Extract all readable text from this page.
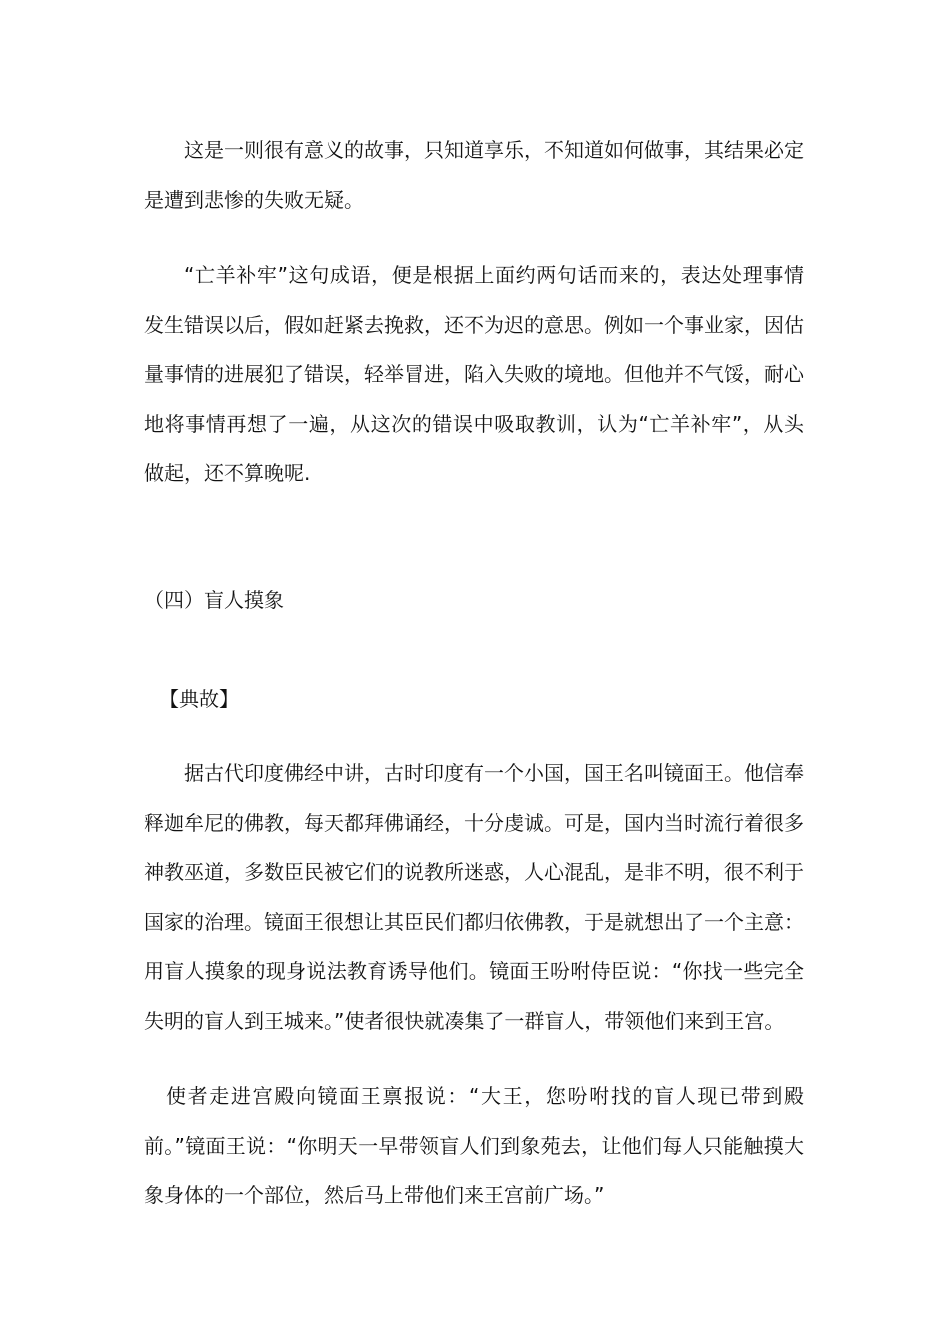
这是一则很有意义的故事，只知道享乐，不知道如何做事，其结果必定是遭到悲惨的失败无疑。

“亡羊补牢”这句成语，便是根据上面约两句话而来的，表达处理事情发生错误以后，假如赶紧去挽救，还不为迟的意思。例如一个事业家，因估量事情的进展犯了错误，轻举冒进，陷入失败的境地。但他并不气馁，耐心地将事情再想了一遍，从这次的错误中吸取教训，认为“亡羊补牢”，从头做起，还不算晚呢.

（四）盲人摸象

【典故】

据古代印度佛经中讲，古时印度有一个小国，国王名叫镜面王。他信奉释迦牟尼的佛教，每天都拜佛诵经，十分虔诚。可是，国内当时流行着很多神教巫道，多数臣民被它们的说教所迷惑，人心混乱，是非不明，很不利于国家的治理。镜面王很想让其臣民们都归依佛教，于是就想出了一个主意：用盲人摸象的现身说法教育诱导他们。镜面王吩咐侍臣说：“你找一些完全失明的盲人到王城来。”使者很快就凑集了一群盲人，带领他们来到王宫。

使者走进宫殿向镜面王禀报说：“大王，您吩咐找的盲人现已带到殿前。”镜面王说：“你明天一早带领盲人们到象苑去，让他们每人只能触摸大象身体的一个部位，然后马上带他们来王宫前广场。”
